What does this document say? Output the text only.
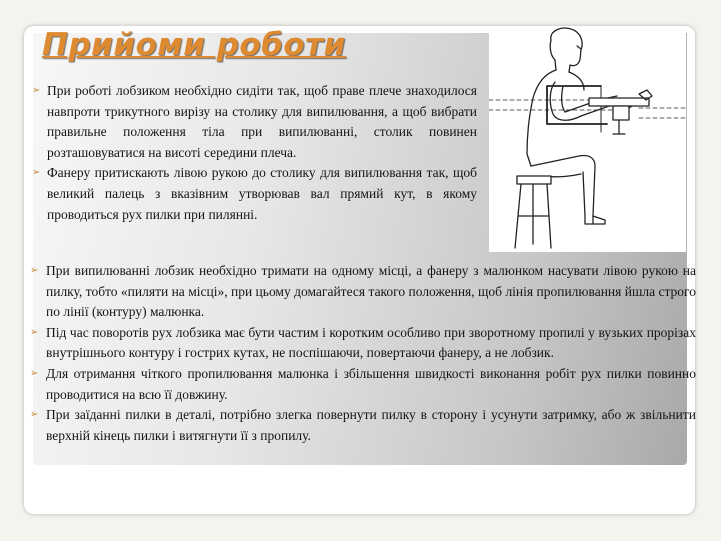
Прийоми роботи
➢ При роботі лобзиком необхідно сидіти так, щоб праве плече знаходилося навпроти трикутного вирізу на столику для випилювання, а щоб вибрати правильне положення тіла при випилюванні, столик повинен розташовуватися на висоті середини плеча.
➢ Фанеру притискають лівою рукою до столику для випилювання так, щоб великий палець з вказівним утворював вал прямий кут, в якому проводиться рух пилки при пилянні.
➢ При випилюванні лобзик необхідно тримати на одному місці, а фанеру з малюнком насувати лівою рукою на пилку, тобто «пиляти на місці», при цьому домагайтеся такого положення, щоб лінія пропилювання йшла строго по лінії (контуру) малюнка.
➢ Під час поворотів рух лобзика має бути частим і коротким особливо при зворотному пропилі у вузьких прорізах внутрішнього контуру і гострих кутах, не поспішаючи, повертаючи фанеру, а не лобзик.
➢ Для отримання чіткого пропилювання малюнка і збільшення швидкості виконання робіт рух пилки повинно проводитися на всю її довжину.
➢ При заїданні пилки в деталі, потрібно злегка повернути пилку в сторону і усунути затримку, або ж звільнити верхній кінець пилки і витягнути її з пропилу.
